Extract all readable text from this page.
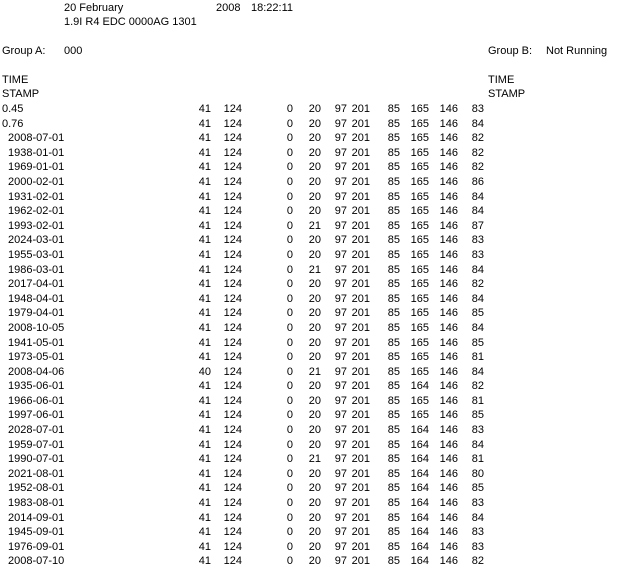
20 February	2008 18:22:11
1.9I R4 EDC 0000AG 1301
Group A: 000	Group B: Not Running
TIME
STAMP
TIME
STAMP
0.45	41 124	0 20 97 201 85 165 146 83
0.76	41 124	0 20 97 201 85 165 146 84
2008-07-01	41 124	0 20 97 201 85 165 146 82
1938-01-01	41 124	0 20 97 201 85 165 146 82
1969-01-01	41 124	0 20 97 201 85 165 146 82
2000-02-01	41 124	0 20 97 201 85 165 146 86
1931-02-01	41 124	0 20 97 201 85 165 146 84
1962-02-01	41 124	0 20 97 201 85 165 146 84
1993-02-01	41 124	0 21 97 201 85 165 146 87
2024-03-01	41 124	0 20 97 201 85 165 146 83
1955-03-01	41 124	0 20 97 201 85 165 146 83
1986-03-01	41 124	0 21 97 201 85 165 146 84
2017-04-01	41 124	0 20 97 201 85 165 146 82
1948-04-01	41 124	0 20 97 201 85 165 146 84
1979-04-01	41 124	0 20 97 201 85 165 146 85
2008-10-05	41 124	0 20 97 201 85 165 146 84
1941-05-01	41 124	0 20 97 201 85 165 146 85
1973-05-01	41 124	0 20 97 201 85 165 146 81
2008-04-06	40 124	0 21 97 201 85 165 146 84
1935-06-01	41 124	0 20 97 201 85 164 146 82
1966-06-01	41 124	0 20 97 201 85 165 146 81
1997-06-01	41 124	0 20 97 201 85 165 146 85
2028-07-01	41 124	0 20 97 201 85 164 146 83
1959-07-01	41 124	0 20 97 201 85 164 146 84
1990-07-01	41 124	0 21 97 201 85 164 146 81
2021-08-01	41 124	0 20 97 201 85 164 146 80
1952-08-01	41 124	0 20 97 201 85 164 146 85
1983-08-01	41 124	0 20 97 201 85 164 146 83
2014-09-01	41 124	0 20 97 201 85 164 146 84
1945-09-01	41 124	0 20 97 201 85 164 146 83
1976-09-01	41 124	0 20 97 201 85 164 146 83
2008-07-10	41 124	0 20 97 201 85 164 146 82
